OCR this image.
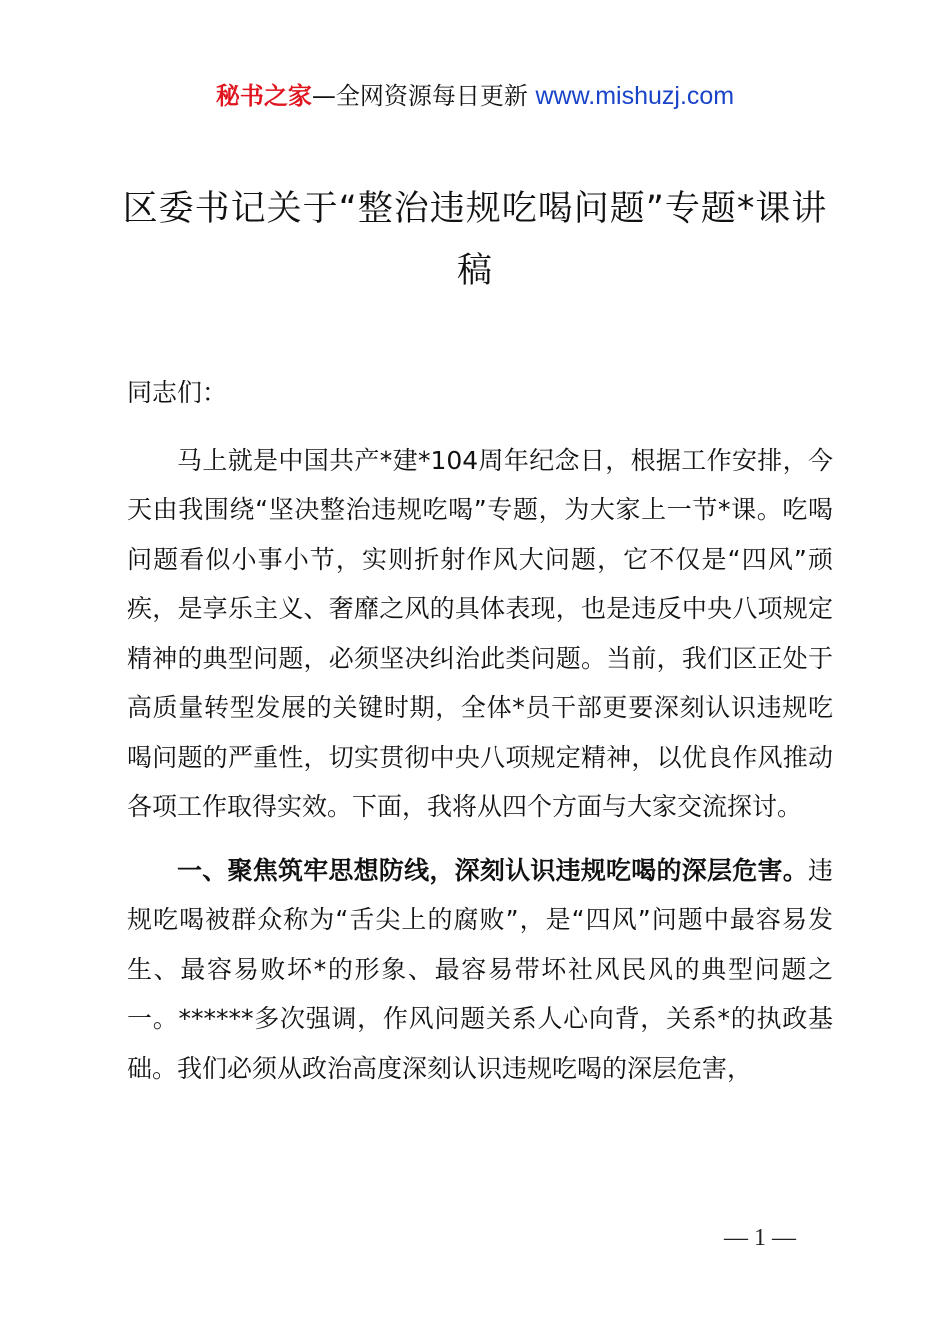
秘书之家—全网资源每日更新 www.mishuzj.com
区委书记关于“整治违规吃喝问题”专题*课讲稿

同志们：

马上就是中国共产*建*104周年纪念日，根据工作安排，今天由我围绕“坚决整治违规吃喝”专题，为大家上一节*课。吃喝问题看似小事小节，实则折射作风大问题，它不仅是“四风”顽疾，是享乐主义、奢靡之风的具体表现，也是违反中央八项规定精神的典型问题，必须坚决纠治此类问题。当前，我们区正处于高质量转型发展的关键时期，全体*员干部更要深刻认识违规吃喝问题的严重性，切实贯彻中央八项规定精神，以优良作风推动各项工作取得实效。下面，我将从四个方面与大家交流探讨。

一、聚焦筑牢思想防线，深刻认识违规吃喝的深层危害。违规吃喝被群众称为“舌尖上的腐败”，是“四风”问题中最容易发生、最容易败坏*的形象、最容易带坏社风民风的典型问题之一。******多次强调，作风问题关系人心向背，关系*的执政基础。我们必须从政治高度深刻认识违规吃喝的深层危害，

— 1 —
